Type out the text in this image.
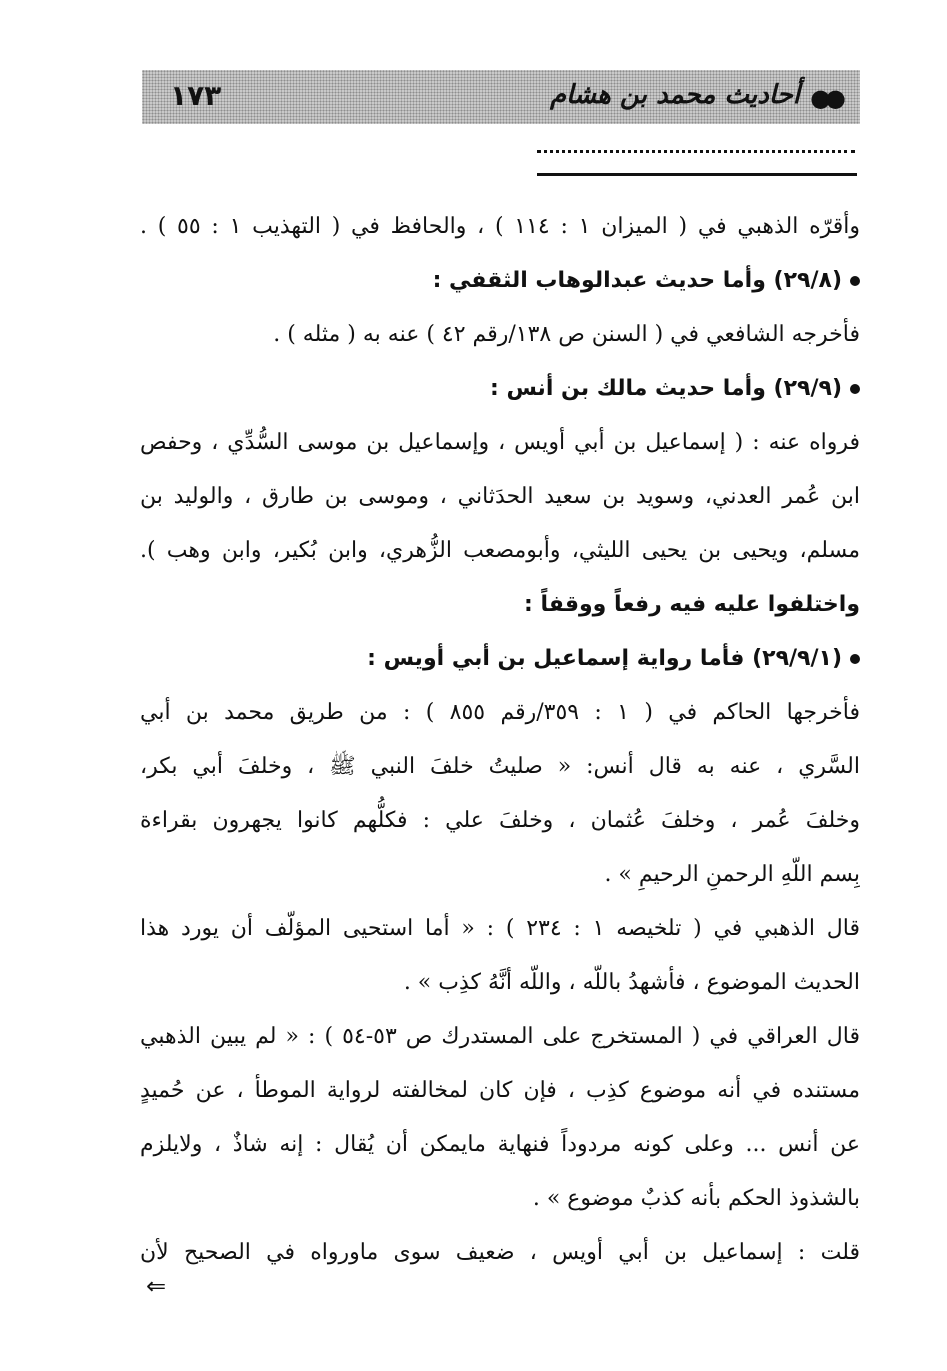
١٧٣	أحاديث محمد بن هشام ●●
وأقرّه الذهبي في ( الميزان ١ : ١١٤ ) ، والحافظ في ( التهذيب ١ : ٥٥ ) .
(٢٩/٨) وأما حديث عبدالوهاب الثقفي :
فأخرجه الشافعي في ( السنن ص ١٣٨/رقم ٤٢ ) عنه به ( مثله ) .
(٢٩/٩) وأما حديث مالك بن أنس :
فرواه عنه : ( إسماعيل بن أبي أويس ، وإسماعيل بن موسى السُّدِّي ، وحفص
ابن عُمر العدني، وسويد بن سعيد الحدَثاني ، وموسى بن طارق ، والوليد بن
مسلم، ويحيى بن يحيى الليثي، وأبومصعب الزُّهري، وابن بُكير، وابن وهب ).
واختلفوا عليه فيه رفعاً ووقفاً :
(٢٩/٩/١) فأما رواية إسماعيل بن أبي أويس :
فأخرجها الحاكم في ( ١ : ٣٥٩/رقم ٨٥٥ ) : من طريق محمد بن أبي
السَّري ، عنه به قال أنس: « صليتُ خلفَ النبي ﷺ ، وخلفَ أبي بكر،
وخلفَ عُمر ، وخلفَ عُثمان ، وخلفَ علي : فكلُّهم كانوا يجهرون بقراءة
بِسم اللّهِ الرحمنِ الرحيمِ » .
قال الذهبي في ( تلخيصه ١ : ٢٣٤ ) : « أما استحيى المؤلّف أن يورد هذا
الحديث الموضوع ، فأشهدُ باللّه ، واللّه أنَّهُ كذِب » .
قال العراقي في ( المستخرج على المستدرك ص ٥٣-٥٤ ) : « لم يبين الذهبي
مستنده في أنه موضوع كذِب ، فإن كان لمخالفته لرواية الموطأ ، عن حُميدٍ
عن أنس ... وعلى كونه مردوداً فنهاية مايمكن أن يُقال : إنه شاذٌ ، ولايلزم
بالشذوذ الحكم بأنه كذبٌ موضوع » .
قلت : إسماعيل بن أبي أويس ، ضعيف سوى ماورواه في الصحيح لأن
⇐
